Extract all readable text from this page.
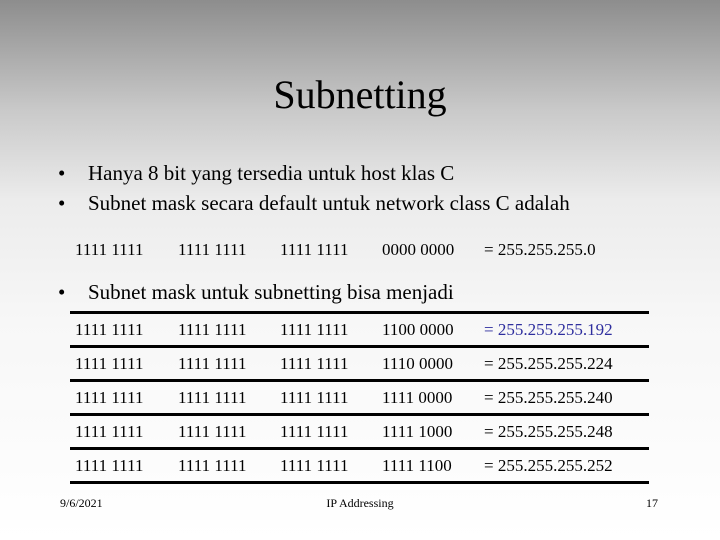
Subnetting
• Hanya 8 bit yang tersedia untuk host klas C
• Subnet mask secara default untuk network class C adalah
• Subnet mask untuk subnetting bisa menjadi
1111 1111 1111 1111 1111 1111 0000 0000 = 255.255.255.0
1111 1111 1111 1111 1111 1111 1100 0000 = 255.255.255.192
1111 1111 1111 1111 1111 1111 1110 0000 = 255.255.255.224
1111 1111 1111 1111 1111 1111 1111 0000 = 255.255.255.240
1111 1111 1111 1111 1111 1111 1111 1000 = 255.255.255.248
1111 1111 1111 1111 1111 1111 1111 1100 = 255.255.255.252
9/6/2021	IP Addressing	17
